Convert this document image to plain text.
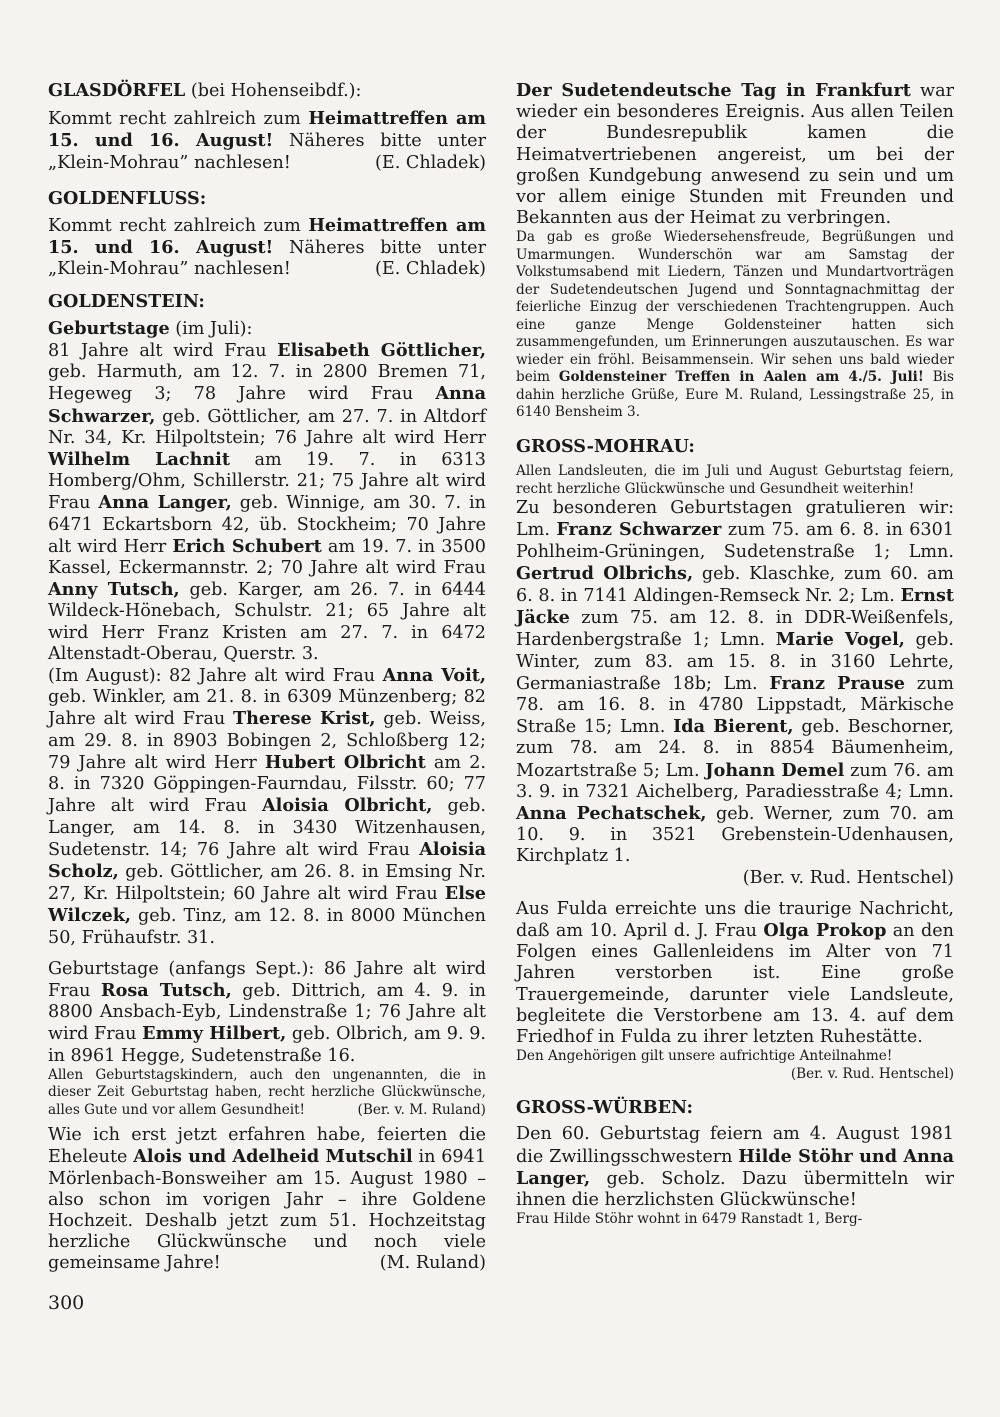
GLASDÖRFEL (bei Hohenseibdf.):

Kommt recht zahlreich zum Heimattreffen am 15. und 16. August! Näheres bitte unter „Klein-Mohrau” nachlesen!	(E. Chladek)

GOLDENFLUSS:

Kommt recht zahlreich zum Heimattreffen am 15. und 16. August! Näheres bitte unter „Klein-Mohrau” nachlesen!	(E. Chladek)

GOLDENSTEIN:

Geburtstage (im Juli):
81 Jahre alt wird Frau Elisabeth Göttlicher, geb. Harmuth, am 12. 7. in 2800 Bremen 71, Hegeweg 3; 78 Jahre wird Frau Anna Schwarzer, geb. Göttlicher, am 27. 7. in Altdorf Nr. 34, Kr. Hilpoltstein; 76 Jahre alt wird Herr Wilhelm Lachnit am 19. 7. in 6313 Homberg/Ohm, Schillerstr. 21; 75 Jahre alt wird Frau Anna Langer, geb. Winnige, am 30. 7. in 6471 Eckartsborn 42, üb. Stockheim; 70 Jahre alt wird Herr Erich Schubert am 19. 7. in 3500 Kassel, Eckermannstr. 2; 70 Jahre alt wird Frau Anny Tutsch, geb. Karger, am 26. 7. in 6444 Wildeck-Hönebach, Schulstr. 21; 65 Jahre alt wird Herr Franz Kristen am 27. 7. in 6472 Altenstadt-Oberau, Querstr. 3.

(Im August): 82 Jahre alt wird Frau Anna Voit, geb. Winkler, am 21. 8. in 6309 Münzenberg; 82 Jahre alt wird Frau Therese Krist, geb. Weiss, am 29. 8. in 8903 Bobingen 2, Schloßberg 12; 79 Jahre alt wird Herr Hubert Olbricht am 2. 8. in 7320 Göppingen-Faurndau, Filsstr. 60; 77 Jahre alt wird Frau Aloisia Olbricht, geb. Langer, am 14. 8. in 3430 Witzenhausen, Sudetenstr. 14; 76 Jahre alt wird Frau Aloisia Scholz, geb. Göttlicher, am 26. 8. in Emsing Nr. 27, Kr. Hilpoltstein; 60 Jahre alt wird Frau Else Wilczek, geb. Tinz, am 12. 8. in 8000 München 50, Frühaufstr. 31.

Geburtstage (anfangs Sept.): 86 Jahre alt wird Frau Rosa Tutsch, geb. Dittrich, am 4. 9. in 8800 Ansbach-Eyb, Lindenstraße 1; 76 Jahre alt wird Frau Emmy Hilbert, geb. Olbrich, am 9. 9. in 8961 Hegge, Sudetenstraße 16.

Allen Geburtstagskindern, auch den ungenannten, die in dieser Zeit Geburtstag haben, recht herzliche Glückwünsche, alles Gute und vor allem Gesundheit!	(Ber. v. M. Ruland)

Wie ich erst jetzt erfahren habe, feierten die Eheleute Alois und Adelheid Mutschil in 6941 Mörlenbach-Bonsweiher am 15. August 1980 – also schon im vorigen Jahr – ihre Goldene Hochzeit. Deshalb jetzt zum 51. Hochzeitstag herzliche Glückwünsche und noch viele gemeinsame Jahre!	(M. Ruland)

Der Sudetendeutsche Tag in Frankfurt war wieder ein besonderes Ereignis. Aus allen Teilen der Bundesrepublik kamen die Heimatvertriebenen angereist, um bei der großen Kundgebung anwesend zu sein und um vor allem einige Stunden mit Freunden und Bekannten aus der Heimat zu verbringen.

Da gab es große Wiedersehensfreude, Begrüßungen und Umarmungen. Wunderschön war am Samstag der Volkstumsabend mit Liedern, Tänzen und Mundartvorträgen der Sudetendeutschen Jugend und Sonntagnachmittag der feierliche Einzug der verschiedenen Trachtengruppen. Auch eine ganze Menge Goldensteiner hatten sich zusammengefunden, um Erinnerungen auszutauschen. Es war wieder ein fröhl. Beisammensein. Wir sehen uns bald wieder beim Goldensteiner Treffen in Aalen am 4./5. Juli! Bis dahin herzliche Grüße, Eure M. Ruland, Lessingstraße 25, in 6140 Bensheim 3.

GROSS-MOHRAU:

Allen Landsleuten, die im Juli und August Geburtstag feiern, recht herzliche Glückwünsche und Gesundheit weiterhin!

Zu besonderen Geburtstagen gratulieren wir: Lm. Franz Schwarzer zum 75. am 6. 8. in 6301 Pohlheim-Grüningen, Sudetenstraße 1; Lmn. Gertrud Olbrichs, geb. Klaschke, zum 60. am 6. 8. in 7141 Aldingen-Remseck Nr. 2; Lm. Ernst Jäcke zum 75. am 12. 8. in DDR-Weißenfels, Hardenbergstraße 1; Lmn. Marie Vogel, geb. Winter, zum 83. am 15. 8. in 3160 Lehrte, Germaniastraße 18b; Lm. Franz Prause zum 78. am 16. 8. in 4780 Lippstadt, Märkische Straße 15; Lmn. Ida Bierent, geb. Beschorner, zum 78. am 24. 8. in 8854 Bäumenheim, Mozartstraße 5; Lm. Johann Demel zum 76. am 3. 9. in 7321 Aichelberg, Paradiesstraße 4; Lmn. Anna Pechatschek, geb. Werner, zum 70. am 10. 9. in 3521 Grebenstein-Udenhausen, Kirchplatz 1.

(Ber. v. Rud. Hentschel)

Aus Fulda erreichte uns die traurige Nachricht, daß am 10. April d. J. Frau Olga Prokop an den Folgen eines Gallenleidens im Alter von 71 Jahren verstorben ist. Eine große Trauergemeinde, darunter viele Landsleute, begleitete die Verstorbene am 13. 4. auf dem Friedhof in Fulda zu ihrer letzten Ruhestätte.

Den Angehörigen gilt unsere aufrichtige Anteilnahme!
(Ber. v. Rud. Hentschel)

GROSS-WÜRBEN:

Den 60. Geburtstag feiern am 4. August 1981 die Zwillingsschwestern Hilde Stöhr und Anna Langer, geb. Scholz. Dazu übermitteln wir ihnen die herzlichsten Glückwünsche!

Frau Hilde Stöhr wohnt in 6479 Ranstadt 1, Berg-

300
